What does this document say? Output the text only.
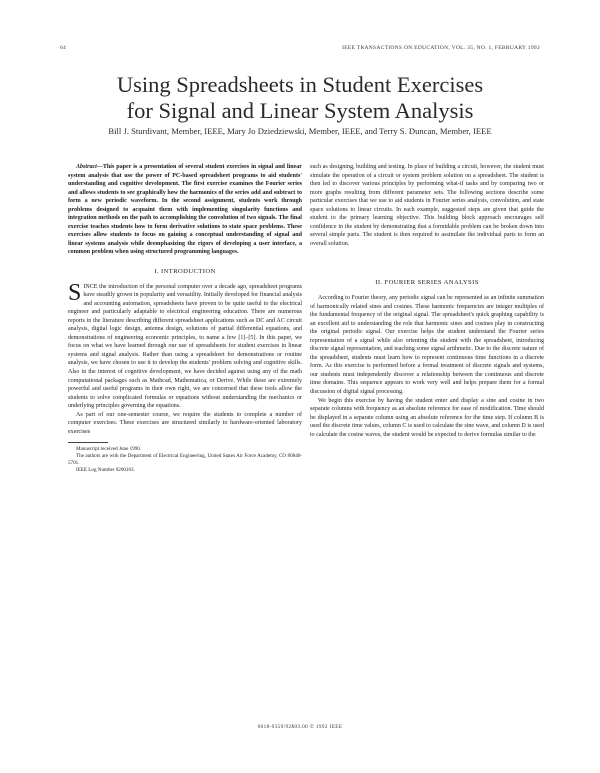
64	IEEE TRANSACTIONS ON EDUCATION, VOL. 35, NO. 1, FEBRUARY 1992
Using Spreadsheets in Student Exercises
for Signal and Linear System Analysis
Bill J. Sturdivant, Member, IEEE, Mary Jo Dziedziewski, Member, IEEE, and Terry S. Duncan, Member, IEEE

Abstract—This paper is a presentation of several student exercises in signal and linear system analysis that use the power of PC-based spreadsheet programs to aid students' understanding and cognitive development. The first exercise examines the Fourier series and allows students to see graphically how the harmonics of the series add and subtract to form a new periodic waveform. In the second assignment, students work through problems designed to acquaint them with implementing singularity functions and integration methods on the path to accomplishing the convolution of two signals. The final exercise teaches students how to form derivative solutions to state space problems. These exercises allow students to focus on gaining a conceptual understanding of signal and linear systems analysis while deemphasizing the rigors of developing a user interface, a common problem when using structured programming languages.

I. INTRODUCTION

SINCE the introduction of the personal computer over a decade ago, spreadsheet programs have steadily grown in popularity and versatility. Initially developed for financial analysis and accounting automation, spreadsheets have proven to be quite useful to the electrical engineer and particularly adaptable to electrical engineering education. There are numerous reports in the literature describing different spreadsheet applications such as DC and AC circuit analysis, digital logic design, antenna design, solutions of partial differential equations, and demonstrations of engineering economic principles, to name a few [1]–[5]. In this paper, we focus on what we have learned through our use of spreadsheets for student exercises in linear systems and signal analysis. Rather than using a spreadsheet for demonstrations or routine analysis, we have chosen to use it to develop the students' problem solving and cognitive skills. Also in the interest of cognitive development, we have decided against using any of the math computational packages such as Mathcad, Mathematica, or Derive. While these are extremely powerful and useful programs in their own right, we are concerned that these tools allow the students to solve complicated formulas or equations without understanding the mechanics or underlying principles governing the equations.

As part of our one-semester course, we require the students to complete a number of computer exercises. These exercises are structured similarly to hardware-oriented laboratory exercises

Manuscript received June 1990.

The authors are with the Department of Electrical Engineering, United States Air Force Academy, CO 80840-5701.

IEEE Log Number 9200163.

such as designing, building and testing. In place of building a circuit, however, the student must simulate the operation of a circuit or system problem solution on a spreadsheet. The student is then led to discover various principles by performing what-if tasks and by comparing two or more graphs resulting from different parameter sets. The following sections describe some particular exercises that we use to aid students in Fourier series analysis, convolution, and state space solutions to linear circuits. In each example, suggested steps are given that guide the student to the primary learning objective. This building block approach encourages self confidence in the student by demonstrating that a formidable problem can be broken down into several simple parts. The student is then required to assimilate the individual parts to form an overall solution.

II. FOURIER SERIES ANALYSIS

According to Fourier theory, any periodic signal can be represented as an infinite summation of harmonically related sines and cosines. These harmonic frequencies are integer multiples of the fundamental frequency of the original signal. The spreadsheet's quick graphing capability is an excellent aid to understanding the role that harmonic sines and cosines play in constructing the original periodic signal. Our exercise helps the student understand the Fourier series representation of a signal while also orienting the student with the spreadsheet, introducing discrete signal representation, and teaching some signal arithmetic. Due to the discrete nature of the spreadsheet, students must learn how to represent continuous time functions in a discrete form. As this exercise is performed before a formal treatment of discrete signals and systems, our students must independently discover a relationship between the continuous and discrete time domains. This sequence appears to work very well and helps prepare them for a formal discussion of digital signal processing.

We begin this exercise by having the student enter and display a sine and cosine in two separate columns with frequency as an absolute reference for ease of modification. Time should be displayed in a separate column using an absolute reference for the time step. If column B is used the discrete time values, column C is used to calculate the sine wave, and column D is used to calculate the cosine waves, the student would be expected to derive formulas similar to the

0018-9359/92$03.00 © 1992 IEEE
